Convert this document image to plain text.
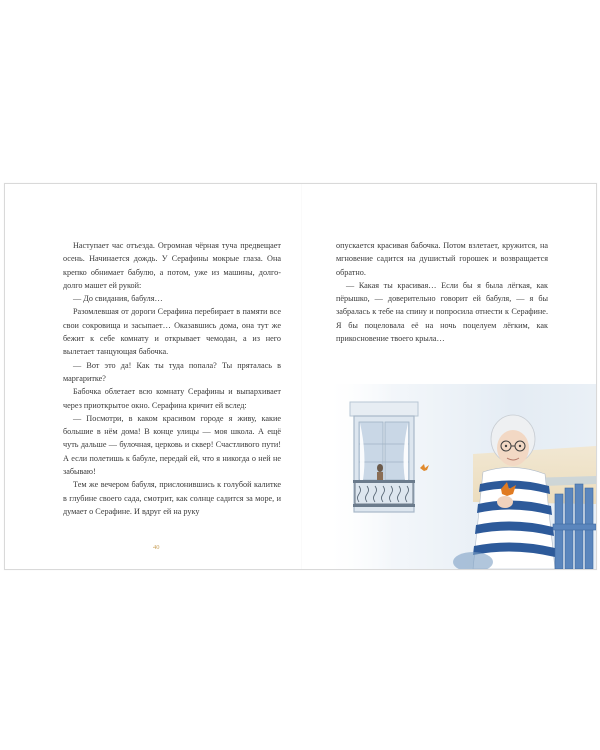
Наступает час отъезда. Огромная чёрная туча предвещает осень. Начинается дождь. У Серафины мокрые глаза. Она крепко обнимает бабулю, а потом, уже из машины, долго-долго машет ей рукой:

— До свидания, бабуля…

Разомлевшая от дороги Серафина перебирает в памяти все свои сокровища и засыпает… Оказавшись дома, она тут же бежит к себе комнату и открывает чемодан, а из него вылетает танцующая бабочка.

— Вот это да! Как ты туда попала? Ты пряталась в маргаритке?

Бабочка облетает всю комнату Серафины и выпархивает через приоткрытое окно. Серафина кричит ей вслед:

— Посмотри, в каком красивом городе я живу, какие большие в нём дома! В конце улицы — моя школа. А ещё чуть дальше — булочная, церковь и сквер! Счастливого пути! А если полетишь к бабуле, передай ей, что я никогда о ней не забываю!

Тем же вечером бабуля, прислонившись к голубой калитке в глубине своего сада, смотрит, как солнце садится за море, и думает о Серафине. И вдруг ей на руку

40

опускается красивая бабочка. Потом взлетает, кружится, на мгновение садится на душистый горошек и возвращается обратно.

— Какая ты красивая… Если бы я была лёгкая, как пёрышко, — доверительно говорит ей бабуля, — я бы забралась к тебе на спину и попросила отнести к Серафине. Я бы поцеловала её на ночь поцелуем лёгким, как прикосновение твоего крыла…
